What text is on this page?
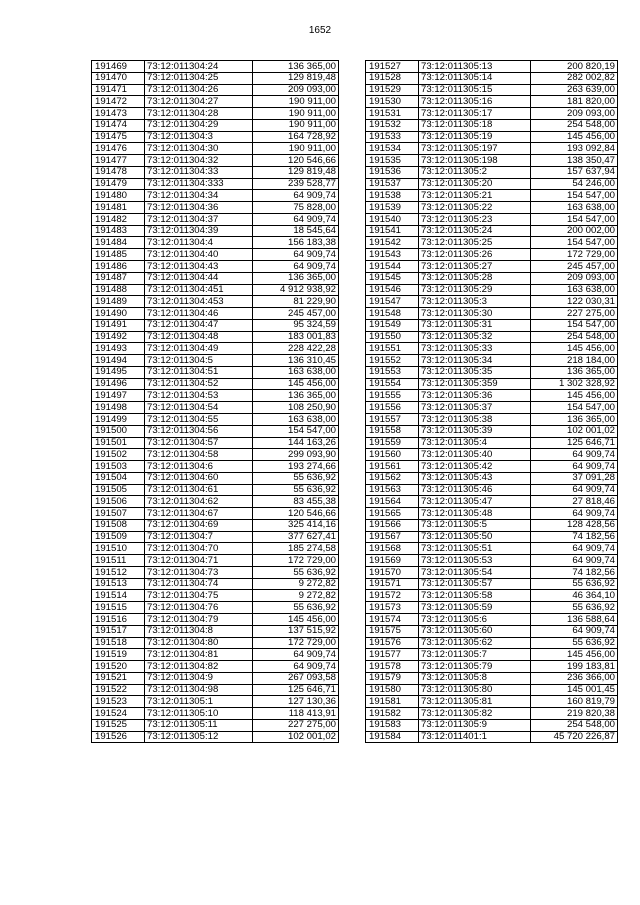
1652
191469	73:12:011304:24	136 365,00
191470	73:12:011304:25	129 819,48
191471	73:12:011304:26	209 093,00
191472	73:12:011304:27	190 911,00
191473	73:12:011304:28	190 911,00
191474	73:12:011304:29	190 911,00
191475	73:12:011304:3	164 728,92
191476	73:12:011304:30	190 911,00
191477	73:12:011304:32	120 546,66
191478	73:12:011304:33	129 819,48
191479	73:12:011304:333	239 528,77
191480	73:12:011304:34	64 909,74
191481	73:12:011304:36	75 828,00
191482	73:12:011304:37	64 909,74
191483	73:12:011304:39	18 545,64
191484	73:12:011304:4	156 183,38
191485	73:12:011304:40	64 909,74
191486	73:12:011304:43	64 909,74
191487	73:12:011304:44	136 365,00
191488	73:12:011304:451	4 912 938,92
191489	73:12:011304:453	81 229,90
191490	73:12:011304:46	245 457,00
191491	73:12:011304:47	95 324,59
191492	73:12:011304:48	183 001,83
191493	73:12:011304:49	228 422,28
191494	73:12:011304:5	136 310,45
191495	73:12:011304:51	163 638,00
191496	73:12:011304:52	145 456,00
191497	73:12:011304:53	136 365,00
191498	73:12:011304:54	108 250,90
191499	73:12:011304:55	163 638,00
191500	73:12:011304:56	154 547,00
191501	73:12:011304:57	144 163,26
191502	73:12:011304:58	299 093,90
191503	73:12:011304:6	193 274,66
191504	73:12:011304:60	55 636,92
191505	73:12:011304:61	55 636,92
191506	73:12:011304:62	83 455,38
191507	73:12:011304:67	120 546,66
191508	73:12:011304:69	325 414,16
191509	73:12:011304:7	377 627,41
191510	73:12:011304:70	185 274,58
191511	73:12:011304:71	172 729,00
191512	73:12:011304:73	55 636,92
191513	73:12:011304:74	9 272,82
191514	73:12:011304:75	9 272,82
191515	73:12:011304:76	55 636,92
191516	73:12:011304:79	145 456,00
191517	73:12:011304:8	137 515,92
191518	73:12:011304:80	172 729,00
191519	73:12:011304:81	64 909,74
191520	73:12:011304:82	64 909,74
191521	73:12:011304:9	267 093,58
191522	73:12:011304:98	125 646,71
191523	73:12:011305:1	127 130,36
191524	73:12:011305:10	118 413,91
191525	73:12:011305:11	227 275,00
191526	73:12:011305:12	102 001,02
191527	73:12:011305:13	200 820,19
191528	73:12:011305:14	282 002,82
191529	73:12:011305:15	263 639,00
191530	73:12:011305:16	181 820,00
191531	73:12:011305:17	209 093,00
191532	73:12:011305:18	254 548,00
191533	73:12:011305:19	145 456,00
191534	73:12:011305:197	193 092,84
191535	73:12:011305:198	138 350,47
191536	73:12:011305:2	157 637,94
191537	73:12:011305:20	54 246,00
191538	73:12:011305:21	154 547,00
191539	73:12:011305:22	163 638,00
191540	73:12:011305:23	154 547,00
191541	73:12:011305:24	200 002,00
191542	73:12:011305:25	154 547,00
191543	73:12:011305:26	172 729,00
191544	73:12:011305:27	245 457,00
191545	73:12:011305:28	209 093,00
191546	73:12:011305:29	163 638,00
191547	73:12:011305:3	122 030,31
191548	73:12:011305:30	227 275,00
191549	73:12:011305:31	154 547,00
191550	73:12:011305:32	254 548,00
191551	73:12:011305:33	145 456,00
191552	73:12:011305:34	218 184,00
191553	73:12:011305:35	136 365,00
191554	73:12:011305:359	1 302 328,92
191555	73:12:011305:36	145 456,00
191556	73:12:011305:37	154 547,00
191557	73:12:011305:38	136 365,00
191558	73:12:011305:39	102 001,02
191559	73:12:011305:4	125 646,71
191560	73:12:011305:40	64 909,74
191561	73:12:011305:42	64 909,74
191562	73:12:011305:43	37 091,28
191563	73:12:011305:46	64 909,74
191564	73:12:011305:47	27 818,46
191565	73:12:011305:48	64 909,74
191566	73:12:011305:5	128 428,56
191567	73:12:011305:50	74 182,56
191568	73:12:011305:51	64 909,74
191569	73:12:011305:53	64 909,74
191570	73:12:011305:54	74 182,56
191571	73:12:011305:57	55 636,92
191572	73:12:011305:58	46 364,10
191573	73:12:011305:59	55 636,92
191574	73:12:011305:6	136 588,64
191575	73:12:011305:60	64 909,74
191576	73:12:011305:62	55 636,92
191577	73:12:011305:7	145 456,00
191578	73:12:011305:79	199 183,81
191579	73:12:011305:8	236 366,00
191580	73:12:011305:80	145 001,45
191581	73:12:011305:81	160 819,79
191582	73:12:011305:82	219 820,38
191583	73:12:011305:9	254 548,00
191584	73:12:011401:1	45 720 226,87
